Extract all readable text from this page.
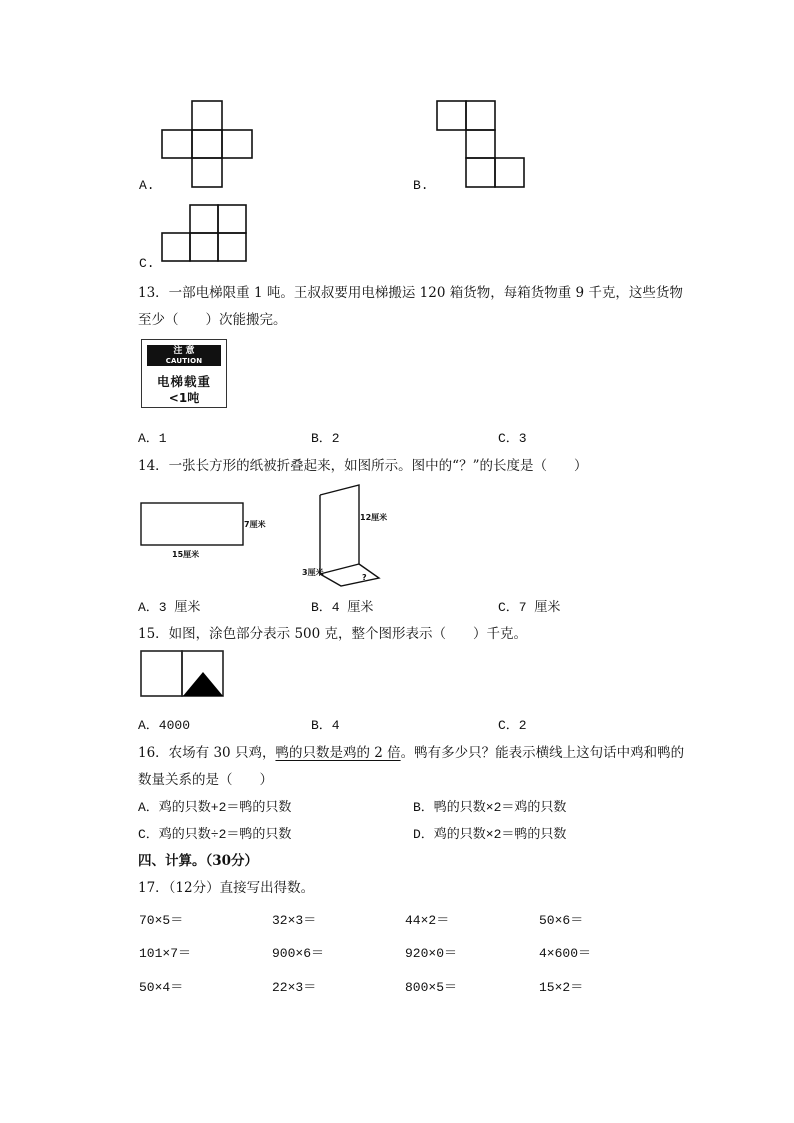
A.	B.
C.
13．一部电梯限重 1 吨。王叔叔要用电梯搬运 120 箱货物，每箱货物重 9 千克，这些货物
至少（　　）次能搬完。
注 意
CAUTION
电梯载重
<1吨
A．1	B．2	C．3
14．一张长方形的纸被折叠起来，如图所示。图中的“？”的长度是（　　）
7厘米
15厘米
12厘米
3厘米
?
A．3 厘米	B．4 厘米	C．7 厘米
15．如图，涂色部分表示 500 克，整个图形表示（　　）千克。
A．4000	B．4	C．2
16．农场有 30 只鸡，鸭的只数是鸡的 2 倍。鸭有多少只？能表示横线上这句话中鸡和鸭的
数量关系的是（　　）
A．鸡的只数+2＝鸭的只数	B．鸭的只数×2＝鸡的只数
C．鸡的只数÷2＝鸭的只数	D．鸡的只数×2＝鸭的只数
四、计算。（30分）
17．（12分）直接写出得数。
70×5＝	32×3＝	44×2＝	50×6＝
101×7＝	900×6＝	920×0＝	4×600＝
50×4＝	22×3＝	800×5＝	15×2＝
